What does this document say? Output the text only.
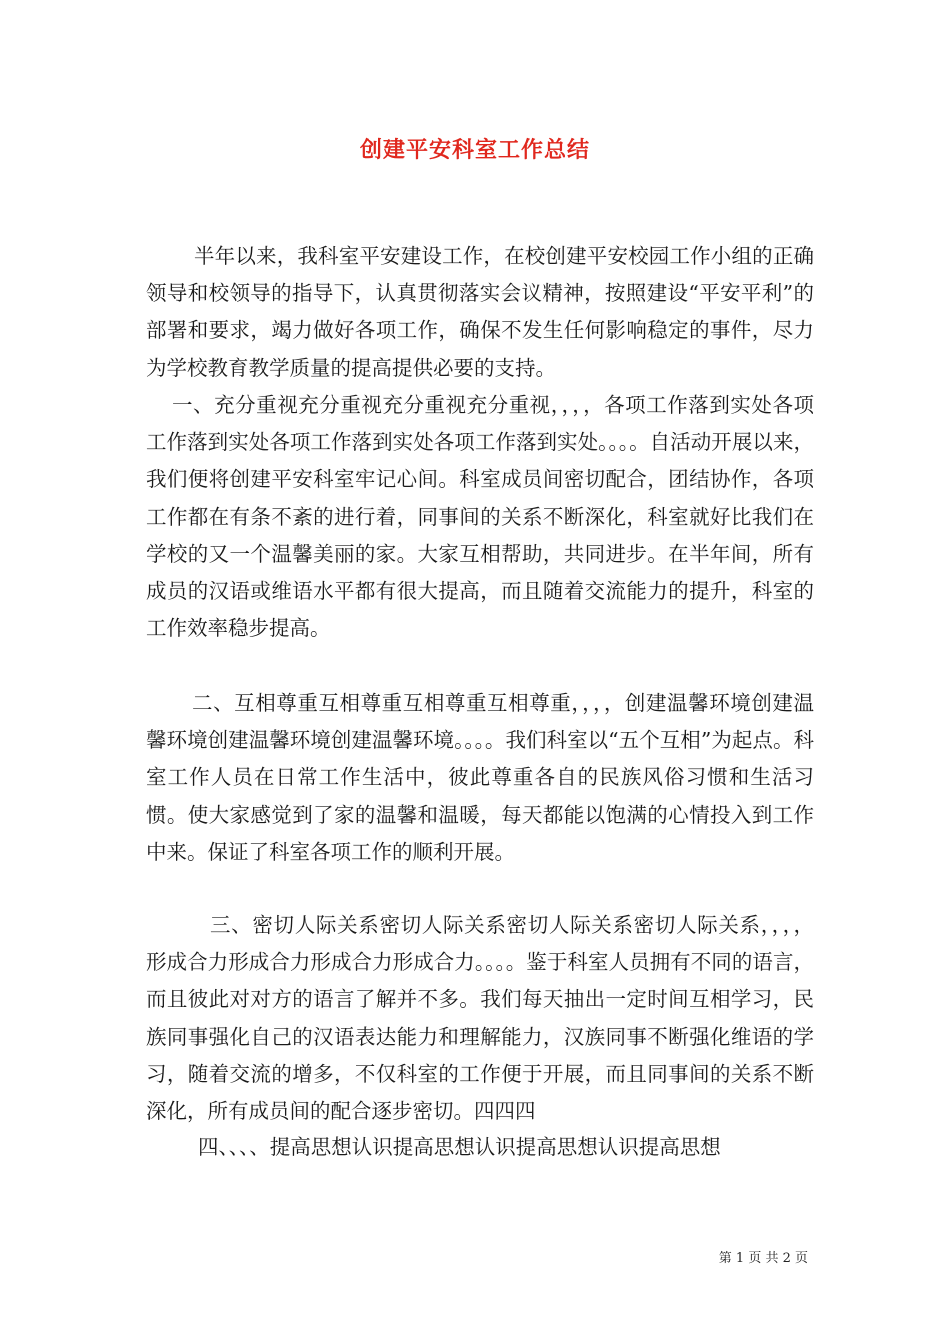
创建平安科室工作总结

半年以来，我科室平安建设工作，在校创建平安校园工作小组的正确领导和校领导的指导下，认真贯彻落实会议精神，按照建设“平安平利”的部署和要求，竭力做好各项工作，确保不发生任何影响稳定的事件，尽力为学校教育教学质量的提高提供必要的支持。

一、充分重视充分重视充分重视充分重视，，，，各项工作落到实处各项工作落到实处各项工作落到实处各项工作落到实处。。。。自活动开展以来，我们便将创建平安科室牢记心间。科室成员间密切配合，团结协作，各项工作都在有条不紊的进行着，同事间的关系不断深化，科室就好比我们在学校的又一个温馨美丽的家。大家互相帮助，共同进步。在半年间，所有成员的汉语或维语水平都有很大提高，而且随着交流能力的提升，科室的工作效率稳步提高。

二、互相尊重互相尊重互相尊重互相尊重，，，，创建温馨环境创建温馨环境创建温馨环境创建温馨环境。。。。我们科室以“五个互相”为起点。科室工作人员在日常工作生活中，彼此尊重各自的民族风俗习惯和生活习惯。使大家感觉到了家的温馨和温暖，每天都能以饱满的心情投入到工作中来。保证了科室各项工作的顺利开展。

三、密切人际关系密切人际关系密切人际关系密切人际关系，，，，形成合力形成合力形成合力形成合力。。。。鉴于科室人员拥有不同的语言，而且彼此对对方的语言了解并不多。我们每天抽出一定时间互相学习，民族同事强化自己的汉语表达能力和理解能力，汉族同事不断强化维语的学习，随着交流的增多，不仅科室的工作便于开展，而且同事间的关系不断深化，所有成员间的配合逐步密切。四四四

四、、、、提高思想认识提高思想认识提高思想认识提高思想

第 1 页 共 2 页
